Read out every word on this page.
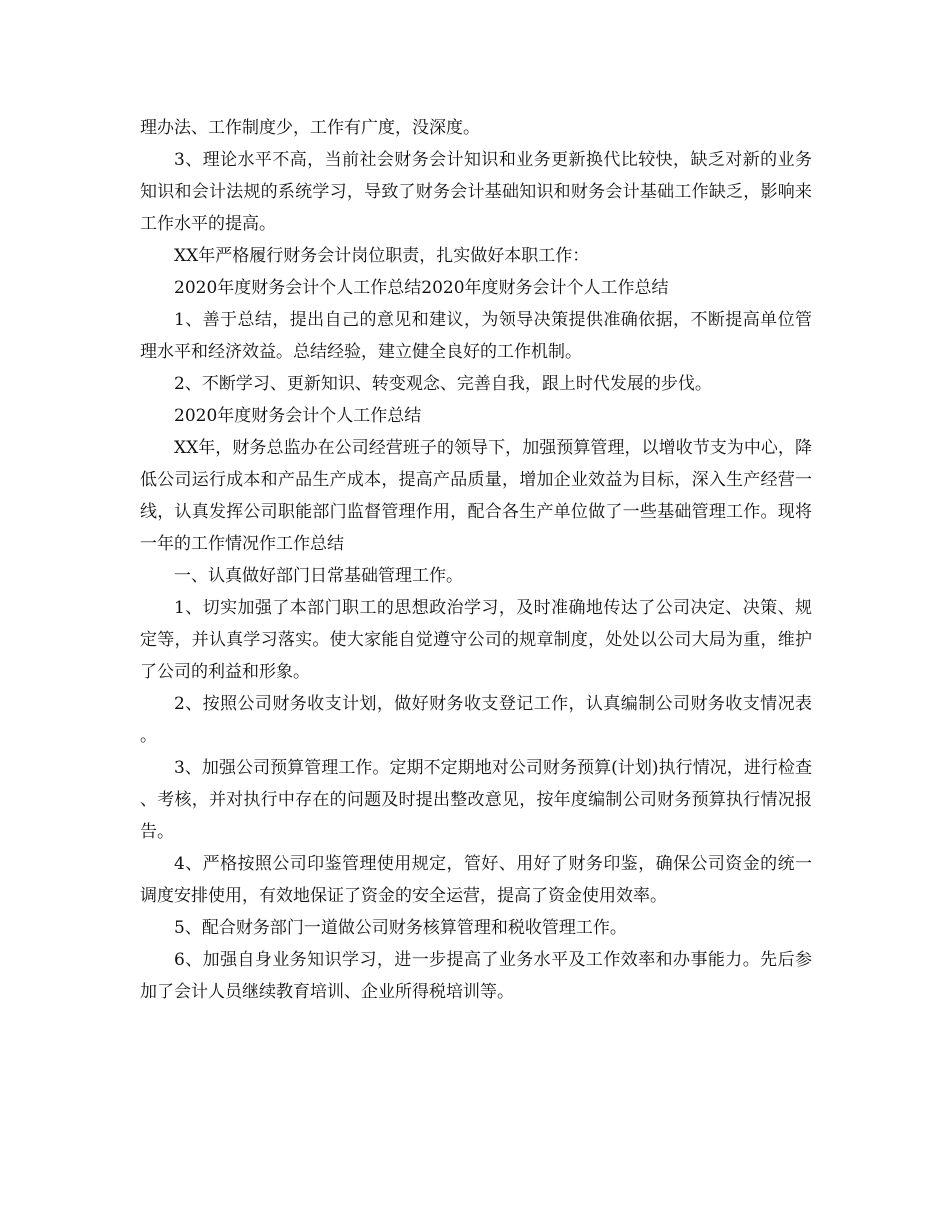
理办法、工作制度少，工作有广度，没深度。

3、理论水平不高，当前社会财务会计知识和业务更新换代比较快，缺乏对新的业务知识和会计法规的系统学习，导致了财务会计基础知识和财务会计基础工作缺乏，影响来工作水平的提高。

XX年严格履行财务会计岗位职责，扎实做好本职工作：

2020年度财务会计个人工作总结2020年度财务会计个人工作总结

1、善于总结，提出自己的意见和建议，为领导决策提供准确依据，不断提高单位管理水平和经济效益。总结经验，建立健全良好的工作机制。

2、不断学习、更新知识、转变观念、完善自我，跟上时代发展的步伐。

2020年度财务会计个人工作总结

XX年，财务总监办在公司经营班子的领导下，加强预算管理，以增收节支为中心，降低公司运行成本和产品生产成本，提高产品质量，增加企业效益为目标，深入生产经营一线，认真发挥公司职能部门监督管理作用，配合各生产单位做了一些基础管理工作。现将一年的工作情况作工作总结

一、认真做好部门日常基础管理工作。

1、切实加强了本部门职工的思想政治学习，及时准确地传达了公司决定、决策、规定等，并认真学习落实。使大家能自觉遵守公司的规章制度，处处以公司大局为重，维护了公司的利益和形象。

2、按照公司财务收支计划，做好财务收支登记工作，认真编制公司财务收支情况表。

3、加强公司预算管理工作。定期不定期地对公司财务预算(计划)执行情况，进行检查、考核，并对执行中存在的问题及时提出整改意见，按年度编制公司财务预算执行情况报告。

4、严格按照公司印鉴管理使用规定，管好、用好了财务印鉴，确保公司资金的统一调度安排使用，有效地保证了资金的安全运营，提高了资金使用效率。

5、配合财务部门一道做公司财务核算管理和税收管理工作。

6、加强自身业务知识学习，进一步提高了业务水平及工作效率和办事能力。先后参加了会计人员继续教育培训、企业所得税培训等。
